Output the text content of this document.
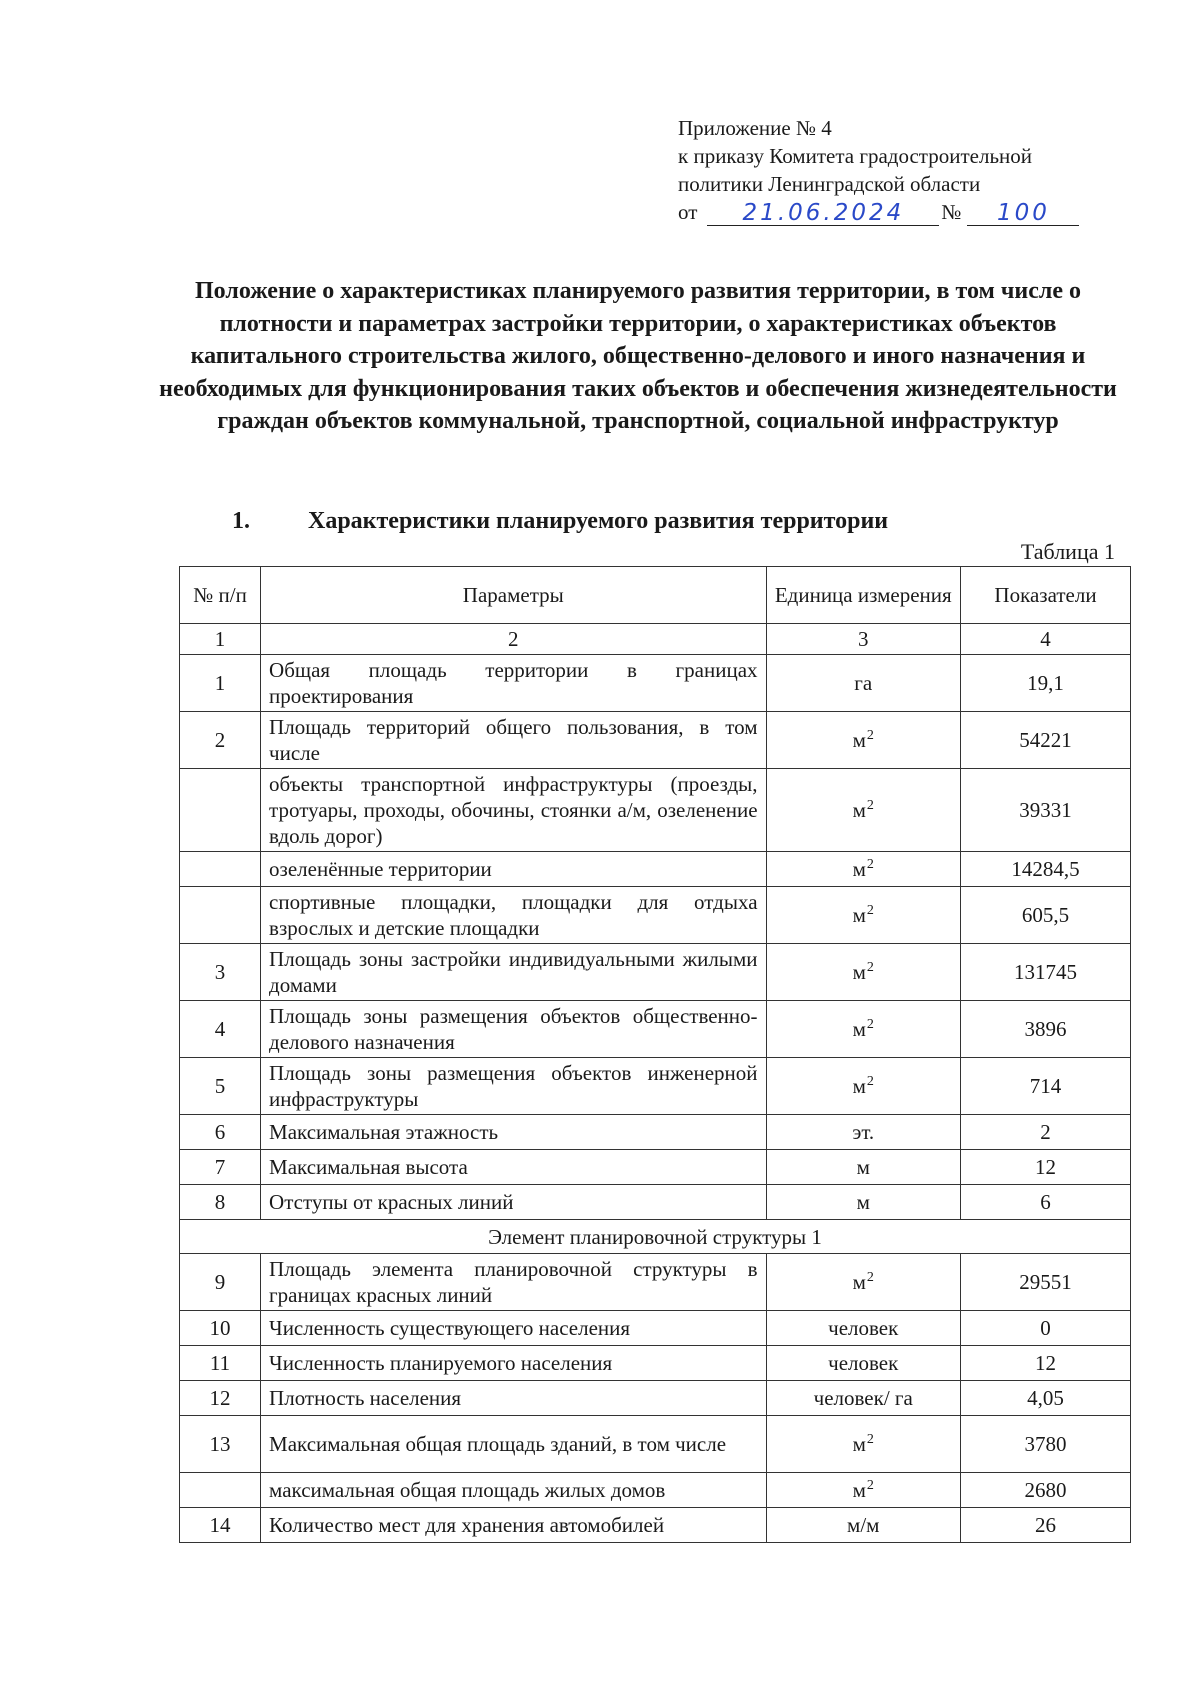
Приложение № 4
к приказу Комитета градостроительной
политики Ленинградской области
от	21.06.2024	№	100
Положение о характеристиках планируемого развития территории, в том числе о плотности и параметрах застройки территории, о характеристиках объектов капитального строительства жилого, общественно-делового и иного назначения и необходимых для функционирования таких объектов и обеспечения жизнедеятельности граждан объектов коммунальной, транспортной, социальной инфраструктур
1. Характеристики планируемого развития территории
Таблица 1
№ п/п	Параметры	Единица измерения	Показатели
1	2	3	4
1	Общая площадь территории в границах проектирования	га	19,1
2	Площадь территорий общего пользования, в том числе	$м^2$	54221
	объекты транспортной инфраструктуры (проезды, тротуары, проходы, обочины, стоянки а/м, озеленение вдоль дорог)	$м^2$	39331
	озеленённые территории	$м^2$	14284,5
	спортивные площадки, площадки для отдыха взрослых и детские площадки	$м^2$	605,5
3	Площадь зоны застройки индивидуальными жилыми домами	$м^2$	131745
4	Площадь зоны размещения объектов общественно-делового назначения	$м^2$	3896
5	Площадь зоны размещения объектов инженерной инфраструктуры	$м^2$	714
6	Максимальная этажность	эт.	2
7	Максимальная высота	м	12
8	Отступы от красных линий	м	6
Элемент планировочной структуры 1			
9	Площадь элемента планировочной структуры в границах красных линий	$м^2$	29551
10	Численность существующего населения	человек	0
11	Численность планируемого населения	человек	12
12	Плотность населения	человек/ га	4,05
13	Максимальная общая площадь зданий, в том числе	$м^2$	3780
	максимальная общая площадь жилых домов	$м^2$	2680
14	Количество мест для хранения автомобилей	м/м	26
